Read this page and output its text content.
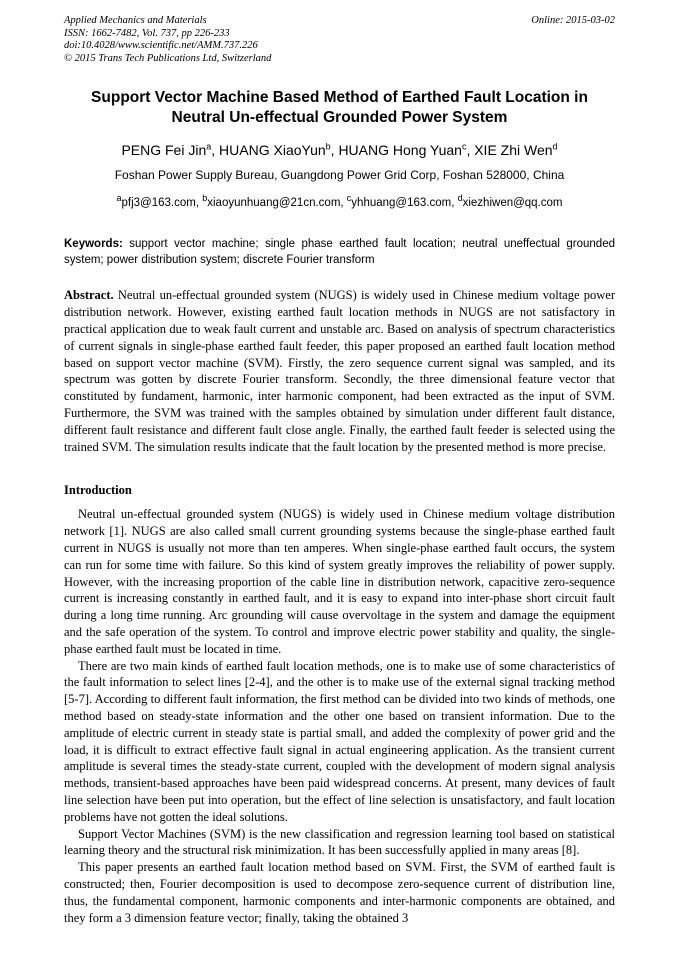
Applied Mechanics and Materials
ISSN: 1662-7482, Vol. 737, pp 226-233
doi:10.4028/www.scientific.net/AMM.737.226
© 2015 Trans Tech Publications Ltd, Switzerland
Online: 2015-03-02
Support Vector Machine Based Method of Earthed Fault Location in Neutral Un-effectual Grounded Power System
PENG Fei Jin$^a$, HUANG XiaoYun$^b$, HUANG Hong Yuan$^c$, XIE Zhi Wen$^d$
Foshan Power Supply Bureau, Guangdong Power Grid Corp, Foshan 528000, China
$^a$pfj3@163.com, $^b$xiaoyunhuang@21cn.com, $^c$yhhuang@163.com, $^d$xiezhiwen@qq.com

Keywords: support vector machine; single phase earthed fault location; neutral uneffectual grounded system; power distribution system; discrete Fourier transform

Abstract. Neutral un-effectual grounded system (NUGS) is widely used in Chinese medium voltage power distribution network. However, existing earthed fault location methods in NUGS are not satisfactory in practical application due to weak fault current and unstable arc. Based on analysis of spectrum characteristics of current signals in single-phase earthed fault feeder, this paper proposed an earthed fault location method based on support vector machine (SVM). Firstly, the zero sequence current signal was sampled, and its spectrum was gotten by discrete Fourier transform. Secondly, the three dimensional feature vector that constituted by fundament, harmonic, inter harmonic component, had been extracted as the input of SVM. Furthermore, the SVM was trained with the samples obtained by simulation under different fault distance, different fault resistance and different fault close angle. Finally, the earthed fault feeder is selected using the trained SVM. The simulation results indicate that the fault location by the presented method is more precise.

Introduction

Neutral un-effectual grounded system (NUGS) is widely used in Chinese medium voltage distribution network [1]. NUGS are also called small current grounding systems because the single-phase earthed fault current in NUGS is usually not more than ten amperes. When single-phase earthed fault occurs, the system can run for some time with failure. So this kind of system greatly improves the reliability of power supply. However, with the increasing proportion of the cable line in distribution network, capacitive zero-sequence current is increasing constantly in earthed fault, and it is easy to expand into inter-phase short circuit fault during a long time running. Arc grounding will cause overvoltage in the system and damage the equipment and the safe operation of the system. To control and improve electric power stability and quality, the single-phase earthed fault must be located in time.

There are two main kinds of earthed fault location methods, one is to make use of some characteristics of the fault information to select lines [2-4], and the other is to make use of the external signal tracking method [5-7]. According to different fault information, the first method can be divided into two kinds of methods, one method based on steady-state information and the other one based on transient information. Due to the amplitude of electric current in steady state is partial small, and added the complexity of power grid and the load, it is difficult to extract effective fault signal in actual engineering application. As the transient current amplitude is several times the steady-state current, coupled with the development of modern signal analysis methods, transient-based approaches have been paid widespread concerns. At present, many devices of fault line selection have been put into operation, but the effect of line selection is unsatisfactory, and fault location problems have not gotten the ideal solutions.

Support Vector Machines (SVM) is the new classification and regression learning tool based on statistical learning theory and the structural risk minimization. It has been successfully applied in many areas [8].

This paper presents an earthed fault location method based on SVM. First, the SVM of earthed fault is constructed; then, Fourier decomposition is used to decompose zero-sequence current of distribution line, thus, the fundamental component, harmonic components and inter-harmonic components are obtained, and they form a 3 dimension feature vector; finally, taking the obtained 3
